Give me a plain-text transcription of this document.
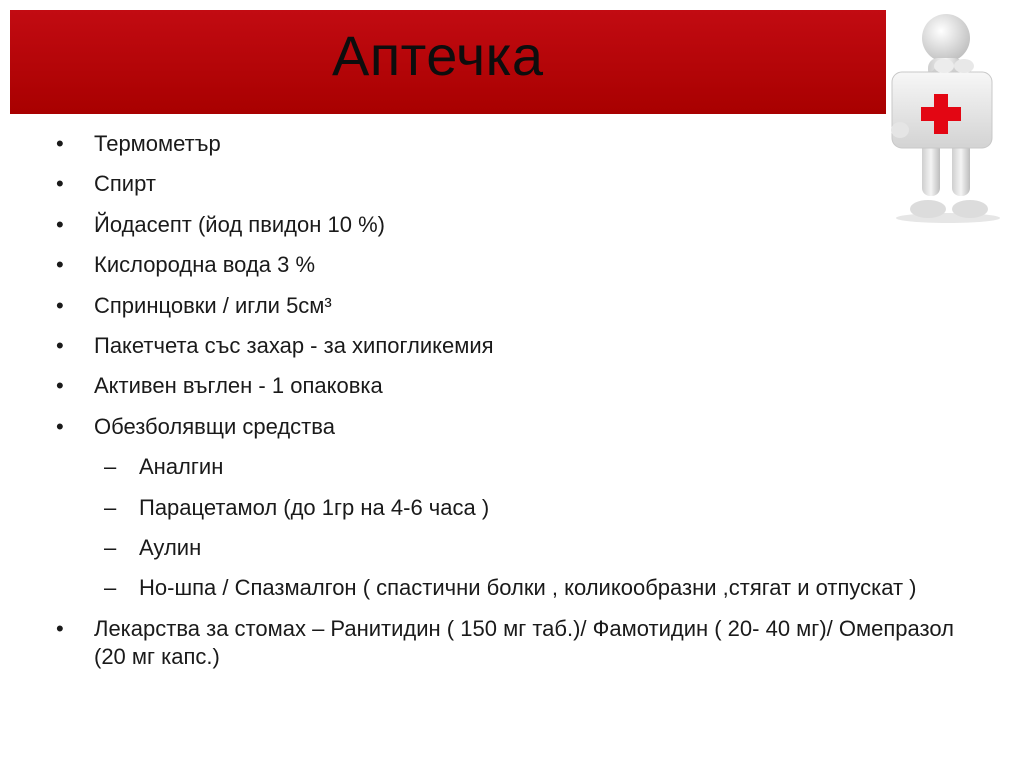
Аптечка
• Термометър
• Спирт
• Йодасепт (йод пвидон 10 %)
• Кислородна вода 3 %
• Спринцовки / игли 5см³
• Пакетчета със захар - за хипогликемия
• Активен въглен - 1 опаковка
• Обезболявщи средства
– Аналгин
– Парацетамол (до 1гр на 4-6 часа )
– Аулин
– Но-шпа / Спазмалгон ( спастични болки , коликообразни ,стягат и отпускат )
• Лекарства за стомах – Ранитидин ( 150 мг таб.)/ Фамотидин ( 20- 40 мг)/ Омепразол (20 мг капс.)
